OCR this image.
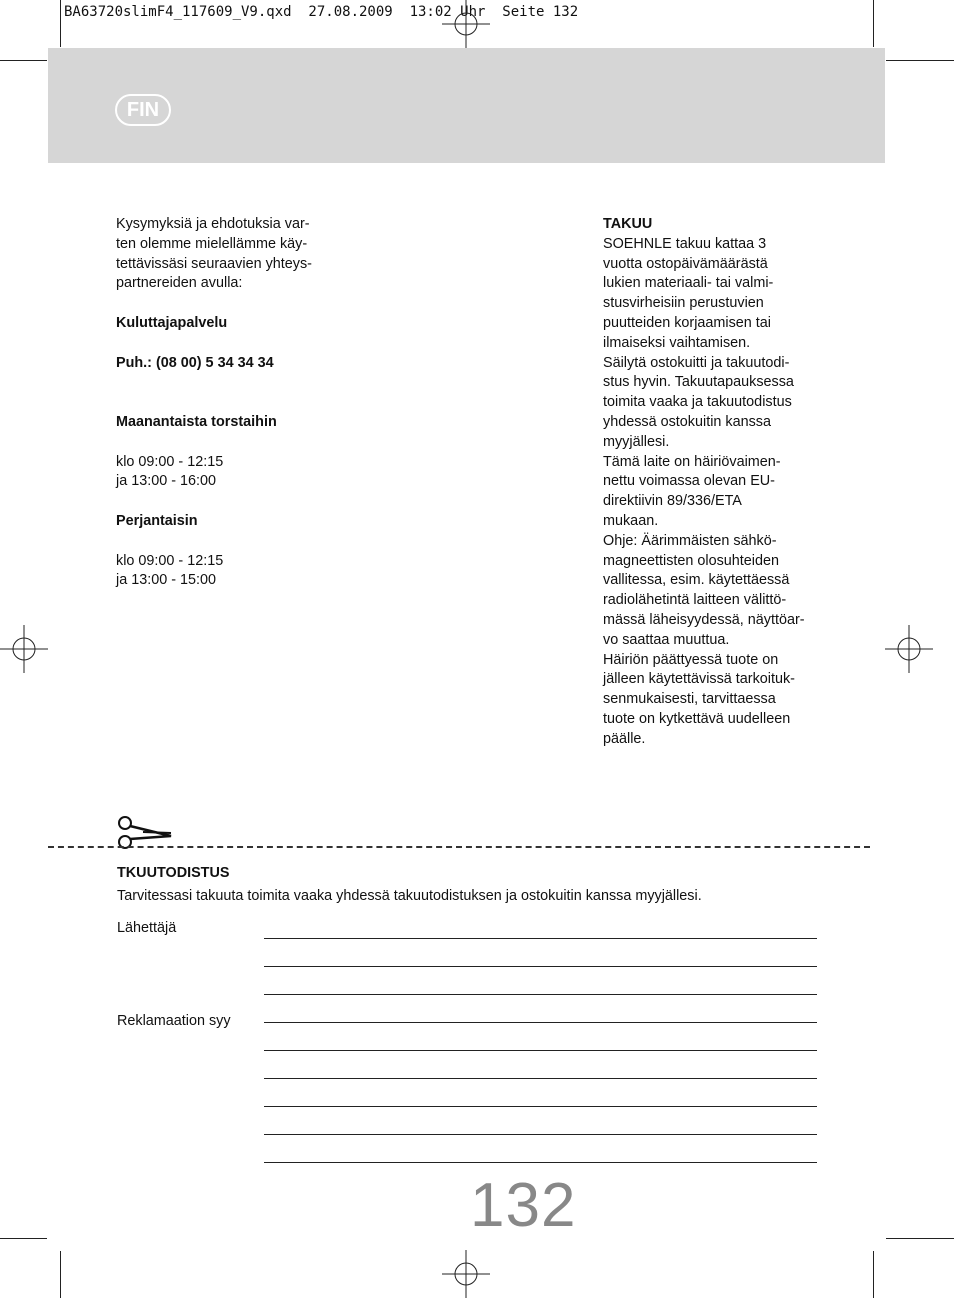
BA63720slimF4_117609_V9.qxd  27.08.2009  13:02 Uhr  Seite 132
FIN

Kysymyksiä ja ehdotuksia var-

ten olemme mielellämme käy-

tettävissäsi seuraavien yhteys-

partnereiden avulla:

Kuluttajapalvelu

Puh.: (08 00) 5 34 34 34

Maanantaista torstaihin

klo 09:00 - 12:15

ja 13:00 - 16:00

Perjantaisin

klo 09:00 - 12:15

ja 13:00 - 15:00

TAKUU

SOEHNLE takuu kattaa 3

vuotta ostopäivämäärästä

lukien materiaali- tai valmi-

stusvirheisiin perustuvien

puutteiden korjaamisen tai

ilmaiseksi vaihtamisen.

Säilytä ostokuitti ja takuutodi-

stus hyvin. Takuutapauksessa

toimita vaaka ja takuutodistus

yhdessä ostokuitin kanssa

myyjällesi.

Tämä laite on häiriövaimen-

nettu voimassa olevan EU-

direktiivin 89/336/ETA

mukaan.

Ohje: Äärimmäisten sähkö-

magneettisten olosuhteiden

vallitessa, esim. käytettäessä

radiolähetintä laitteen välittö-

mässä läheisyydessä, näyttöar-

vo saattaa muuttua.

Häiriön päättyessä tuote on

jälleen käytettävissä tarkoituk-

senmukaisesti, tarvittaessa

tuote on kytkettävä uudelleen

päälle.

TKUUTODISTUS
Tarvitessasi takuuta toimita vaaka yhdessä takuutodistuksen ja ostokuitin kanssa myyjällesi.
Lähettäjä
Reklamaation syy
132
